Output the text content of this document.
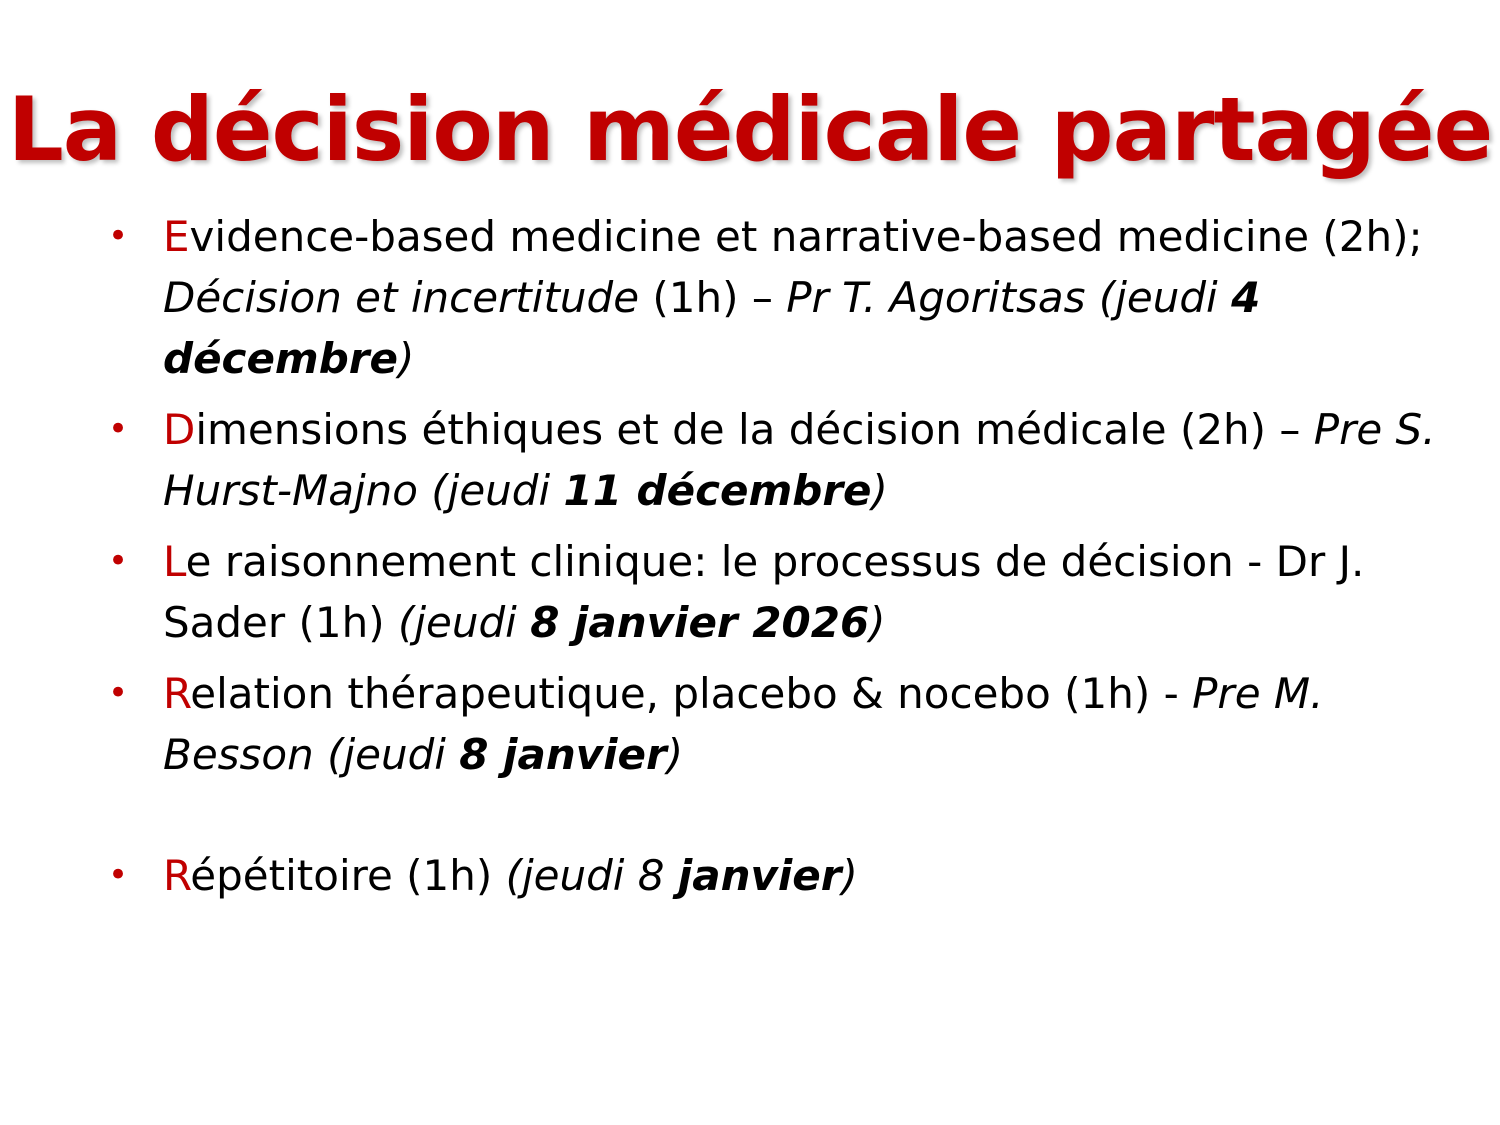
La décision médicale partagée
• Evidence-based medicine et narrative-based medicine (2h); Décision et incertitude (1h) – Pr T. Agoritsas (jeudi 4 décembre)
• Dimensions éthiques et de la décision médicale (2h) – Pre S. Hurst-Majno (jeudi 11 décembre)
• Le raisonnement clinique: le processus de décision - Dr J. Sader (1h) (jeudi 8 janvier 2026)
• Relation thérapeutique, placebo & nocebo (1h) - Pre M. Besson (jeudi 8 janvier)
• Répétitoire (1h) (jeudi 8 janvier)
